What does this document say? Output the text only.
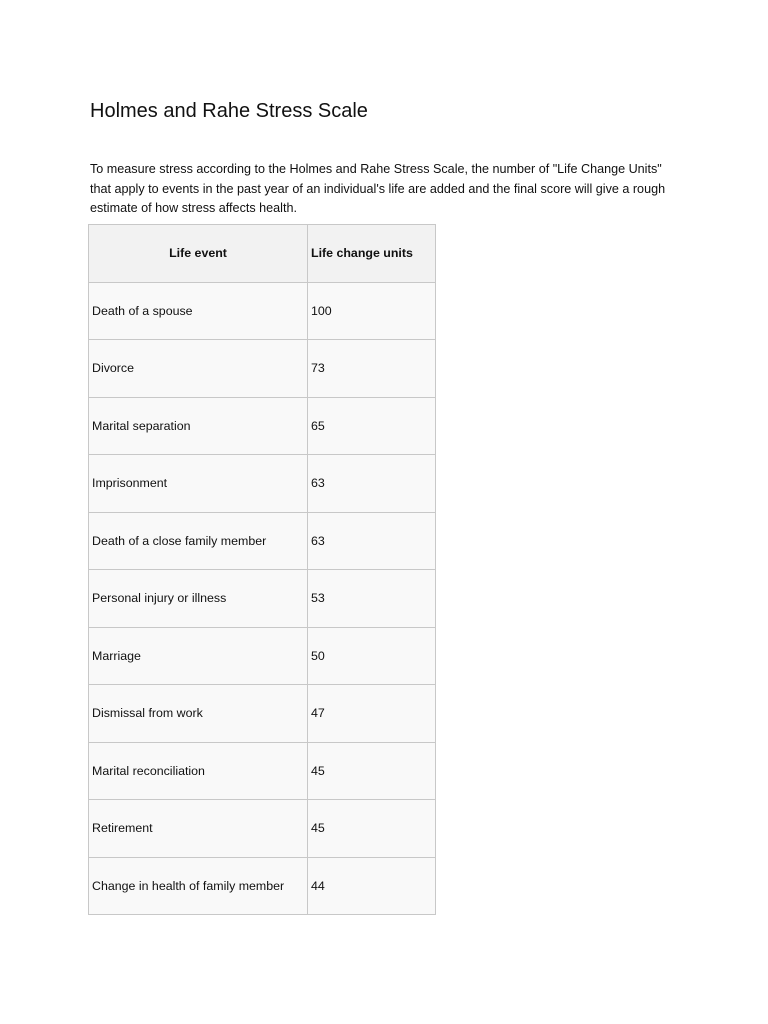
Holmes and Rahe Stress Scale

To measure stress according to the Holmes and Rahe Stress Scale, the number of "Life Change Units"
that apply to events in the past year of an individual's life are added and the final score will give a rough
estimate of how stress affects health.

Life event	Life change units
Death of a spouse	100
Divorce	73
Marital separation	65
Imprisonment	63
Death of a close family member	63
Personal injury or illness	53
Marriage	50
Dismissal from work	47
Marital reconciliation	45
Retirement	45
Change in health of family member	44
